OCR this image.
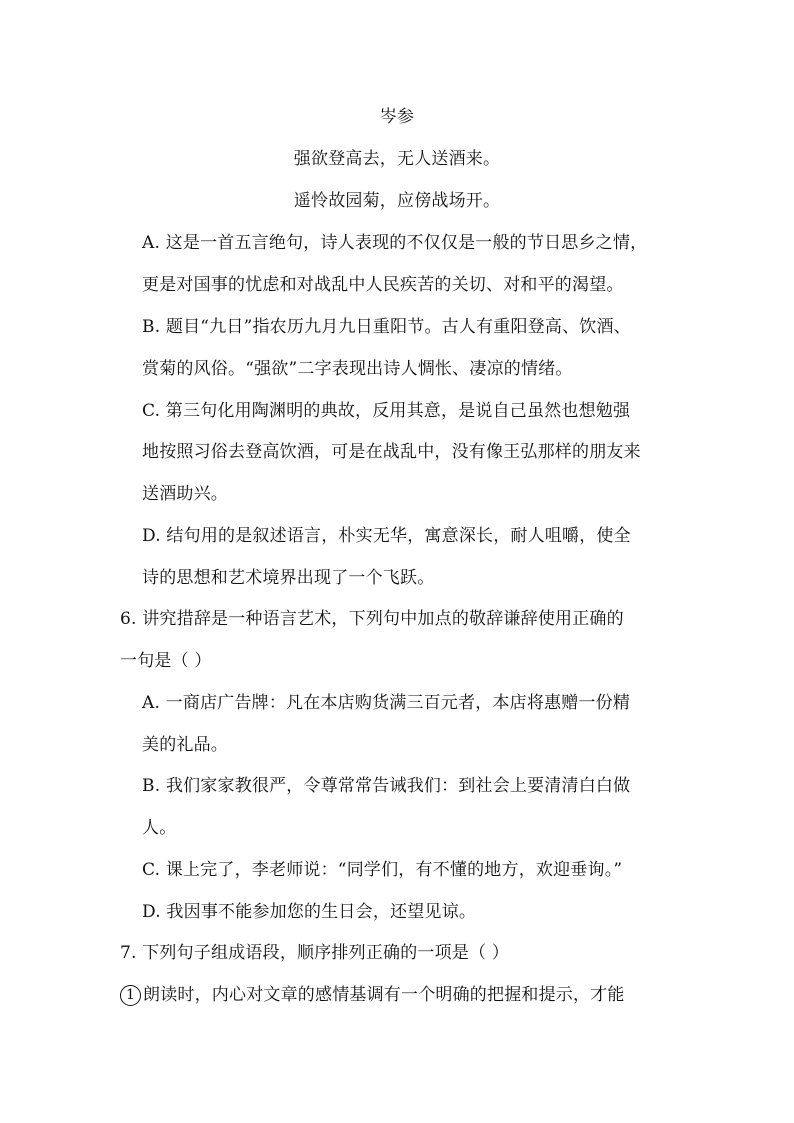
岑参
强欲登高去，无人送酒来。
遥怜故园菊，应傍战场开。
A. 这是一首五言绝句，诗人表现的不仅仅是一般的节日思乡之情，
更是对国事的忧虑和对战乱中人民疾苦的关切、对和平的渴望。
B. 题目“九日”指农历九月九日重阳节。古人有重阳登高、饮酒、
赏菊的风俗。“强欲”二字表现出诗人惆怅、凄凉的情绪。
C. 第三句化用陶渊明的典故，反用其意，是说自己虽然也想勉强
地按照习俗去登高饮酒，可是在战乱中，没有像王弘那样的朋友来
送酒助兴。
D. 结句用的是叙述语言，朴实无华，寓意深长，耐人咀嚼，使全
诗的思想和艺术境界出现了一个飞跃。
6. 讲究措辞是一种语言艺术，下列句中加点的敬辞谦辞使用正确的
一句是（ ）
A. 一商店广告牌：凡在本店购货满三百元者，本店将惠赠一份精
美的礼品。
B. 我们家家教很严，令尊常常告诫我们：到社会上要清清白白做
人。
C. 课上完了，李老师说：“同学们，有不懂的地方，欢迎垂询。”
D. 我因事不能参加您的生日会，还望见谅。
7. 下列句子组成语段，顺序排列正确的一项是（ ）
1 朗读时，内心对文章的感情基调有一个明确的把握和提示，才能
